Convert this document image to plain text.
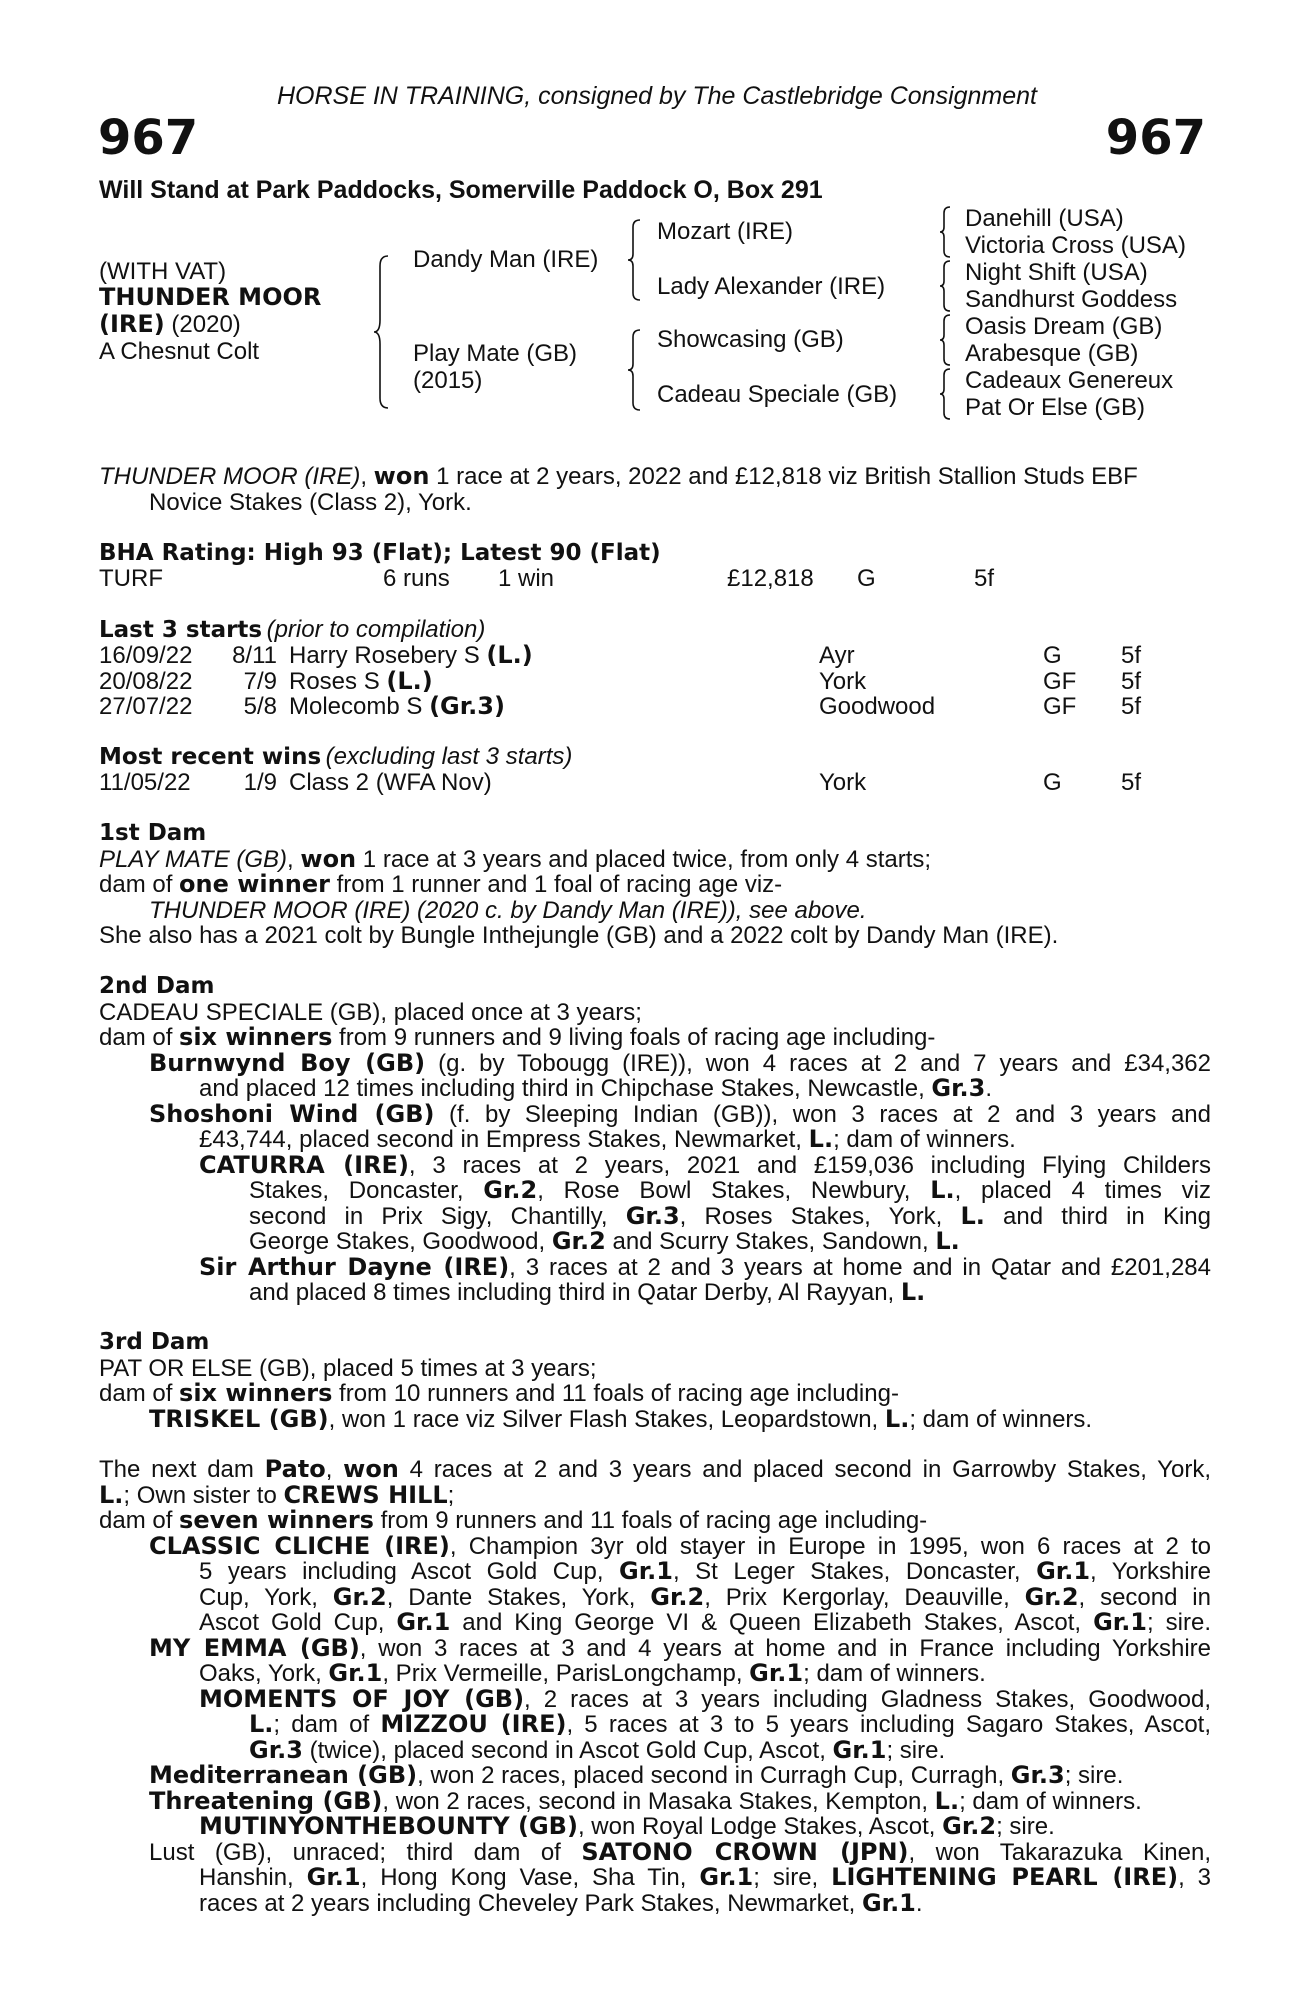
HORSE IN TRAINING, consigned by The Castlebridge Consignment
967	967
Will Stand at Park Paddocks, Somerville Paddock O, Box 291
(WITH VAT)
THUNDER MOOR
(IRE) (2020)
A Chesnut Colt
Dandy Man (IRE)
Play Mate (GB)
(2015)
Mozart (IRE)
Lady Alexander (IRE)
Showcasing (GB)
Cadeau Speciale (GB)
Danehill (USA)
Victoria Cross (USA)
Night Shift (USA)
Sandhurst Goddess
Oasis Dream (GB)
Arabesque (GB)
Cadeaux Genereux
Pat Or Else (GB)
THUNDER MOOR (IRE), won 1 race at 2 years, 2022 and £12,818 viz British Stallion Studs EBF
Novice Stakes (Class 2), York.
BHA Rating: High 93 (Flat); Latest 90 (Flat)
TURF	6 runs 1 win	£12,818 G	5f
Last 3 starts (prior to compilation)
16/09/22	8/11	Harry Rosebery S (L.)	Ayr	G	5f
20/08/22	7/9	Roses S (L.)	York	GF	5f
27/07/22	5/8	Molecomb S (Gr.3)	Goodwood	GF	5f
Most recent wins (excluding last 3 starts)
11/05/22	1/9	Class 2 (WFA Nov)	York	G	5f
1st Dam
PLAY MATE (GB), won 1 race at 3 years and placed twice, from only 4 starts;
dam of one winner from 1 runner and 1 foal of racing age viz-
THUNDER MOOR (IRE) (2020 c. by Dandy Man (IRE)), see above.
She also has a 2021 colt by Bungle Inthejungle (GB) and a 2022 colt by Dandy Man (IRE).
2nd Dam
CADEAU SPECIALE (GB), placed once at 3 years;
dam of six winners from 9 runners and 9 living foals of racing age including-
Burnwynd Boy (GB) (g. by Tobougg (IRE)), won 4 races at 2 and 7 years and £34,362
and placed 12 times including third in Chipchase Stakes, Newcastle, Gr.3.
Shoshoni Wind (GB) (f. by Sleeping Indian (GB)), won 3 races at 2 and 3 years and
£43,744, placed second in Empress Stakes, Newmarket, L.; dam of winners.
CATURRA (IRE), 3 races at 2 years, 2021 and £159,036 including Flying Childers
Stakes, Doncaster, Gr.2, Rose Bowl Stakes, Newbury, L., placed 4 times viz
second in Prix Sigy, Chantilly, Gr.3, Roses Stakes, York, L. and third in King
George Stakes, Goodwood, Gr.2 and Scurry Stakes, Sandown, L.
Sir Arthur Dayne (IRE), 3 races at 2 and 3 years at home and in Qatar and £201,284
and placed 8 times including third in Qatar Derby, Al Rayyan, L.
3rd Dam
PAT OR ELSE (GB), placed 5 times at 3 years;
dam of six winners from 10 runners and 11 foals of racing age including-
TRISKEL (GB), won 1 race viz Silver Flash Stakes, Leopardstown, L.; dam of winners.
The next dam Pato, won 4 races at 2 and 3 years and placed second in Garrowby Stakes, York,
L.; Own sister to CREWS HILL;
dam of seven winners from 9 runners and 11 foals of racing age including-
CLASSIC CLICHE (IRE), Champion 3yr old stayer in Europe in 1995, won 6 races at 2 to
5 years including Ascot Gold Cup, Gr.1, St Leger Stakes, Doncaster, Gr.1, Yorkshire
Cup, York, Gr.2, Dante Stakes, York, Gr.2, Prix Kergorlay, Deauville, Gr.2, second in
Ascot Gold Cup, Gr.1 and King George VI & Queen Elizabeth Stakes, Ascot, Gr.1; sire.
MY EMMA (GB), won 3 races at 3 and 4 years at home and in France including Yorkshire
Oaks, York, Gr.1, Prix Vermeille, ParisLongchamp, Gr.1; dam of winners.
MOMENTS OF JOY (GB), 2 races at 3 years including Gladness Stakes, Goodwood,
L.; dam of MIZZOU (IRE), 5 races at 3 to 5 years including Sagaro Stakes, Ascot,
Gr.3 (twice), placed second in Ascot Gold Cup, Ascot, Gr.1; sire.
Mediterranean (GB), won 2 races, placed second in Curragh Cup, Curragh, Gr.3; sire.
Threatening (GB), won 2 races, second in Masaka Stakes, Kempton, L.; dam of winners.
MUTINYONTHEBOUNTY (GB), won Royal Lodge Stakes, Ascot, Gr.2; sire.
Lust (GB), unraced; third dam of SATONO CROWN (JPN), won Takarazuka Kinen,
Hanshin, Gr.1, Hong Kong Vase, Sha Tin, Gr.1; sire, LIGHTENING PEARL (IRE), 3
races at 2 years including Cheveley Park Stakes, Newmarket, Gr.1.
